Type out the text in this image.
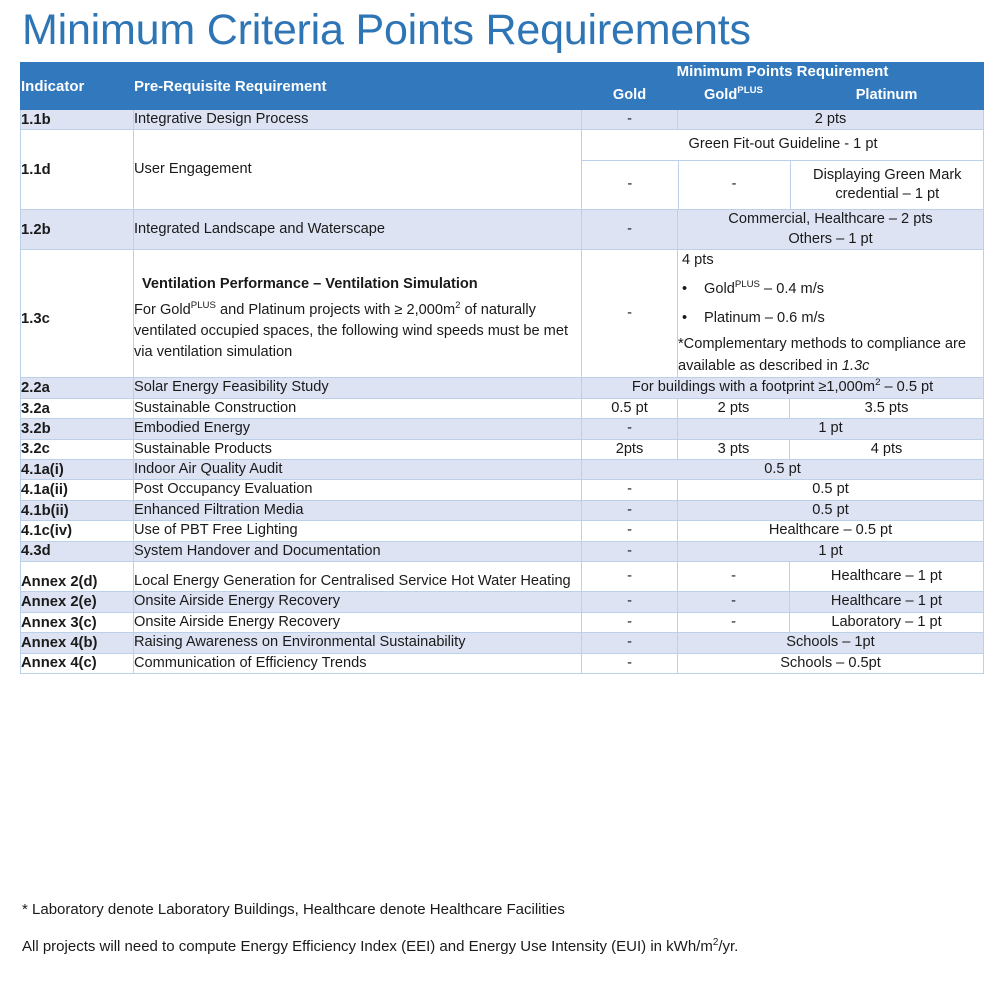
Minimum Criteria Points Requirements
Indicator	Pre-Requisite Requirement	Minimum Points Requirement
Gold	Gold$^{PLUS}$	Platinum
1.1b	Integrative Design Process	-	2 pts
1.1d	User Engagement	
Green Fit-out Guideline - 1 pt
-	-	Displaying Green Mark credential – 1 pt

1.2b	Integrated Landscape and Waterscape	-	
Commercial, Healthcare – 2 pts
Others – 1 pt

1.3c	
Ventilation Performance – Ventilation Simulation
For Gold$^{PLUS}$ and Platinum projects with ≥ $2,000m^2$ of naturally ventilated occupied spaces, the following wind speeds must be met via ventilation simulation
	-	
4 pts
•	Gold$^{PLUS}$ – 0.4 m/s
•	Platinum – 0.6 m/s
*Complementary methods to compliance are available as described in 1.3c

2.2a	Solar Energy Feasibility Study	For buildings with a footprint $\ge 1,000m^2 - 0.5$ pt
3.2a	Sustainable Construction	0.5 pt	2 pts	3.5 pts
3.2b	Embodied Energy	-	1 pt
3.2c	Sustainable Products	2pts	3 pts	4 pts
4.1a(i)	Indoor Air Quality Audit	0.5 pt
4.1a(ii)	Post Occupancy Evaluation	-	0.5 pt
4.1b(ii)	Enhanced Filtration Media	-	0.5 pt
4.1c(iv)	Use of PBT Free Lighting	-	Healthcare – 0.5 pt
4.3d	System Handover and Documentation	-	1 pt
Annex 2(d)	Local Energy Generation for Centralised Service Hot Water Heating	-	-	Healthcare – 1 pt
Annex 2(e)	Onsite Airside Energy Recovery	-	-	Healthcare – 1 pt
Annex 3(c)	Onsite Airside Energy Recovery	-	-	Laboratory – 1 pt
Annex 4(b)	Raising Awareness on Environmental Sustainability	-	Schools – 1pt
Annex 4(c)	Communication of Efficiency Trends	-	Schools – 0.5pt
* Laboratory denote Laboratory Buildings, Healthcare denote Healthcare Facilities
All projects will need to compute Energy Efficiency Index (EEI) and Energy Use Intensity (EUI) in kWh/$m^2/yr$.
